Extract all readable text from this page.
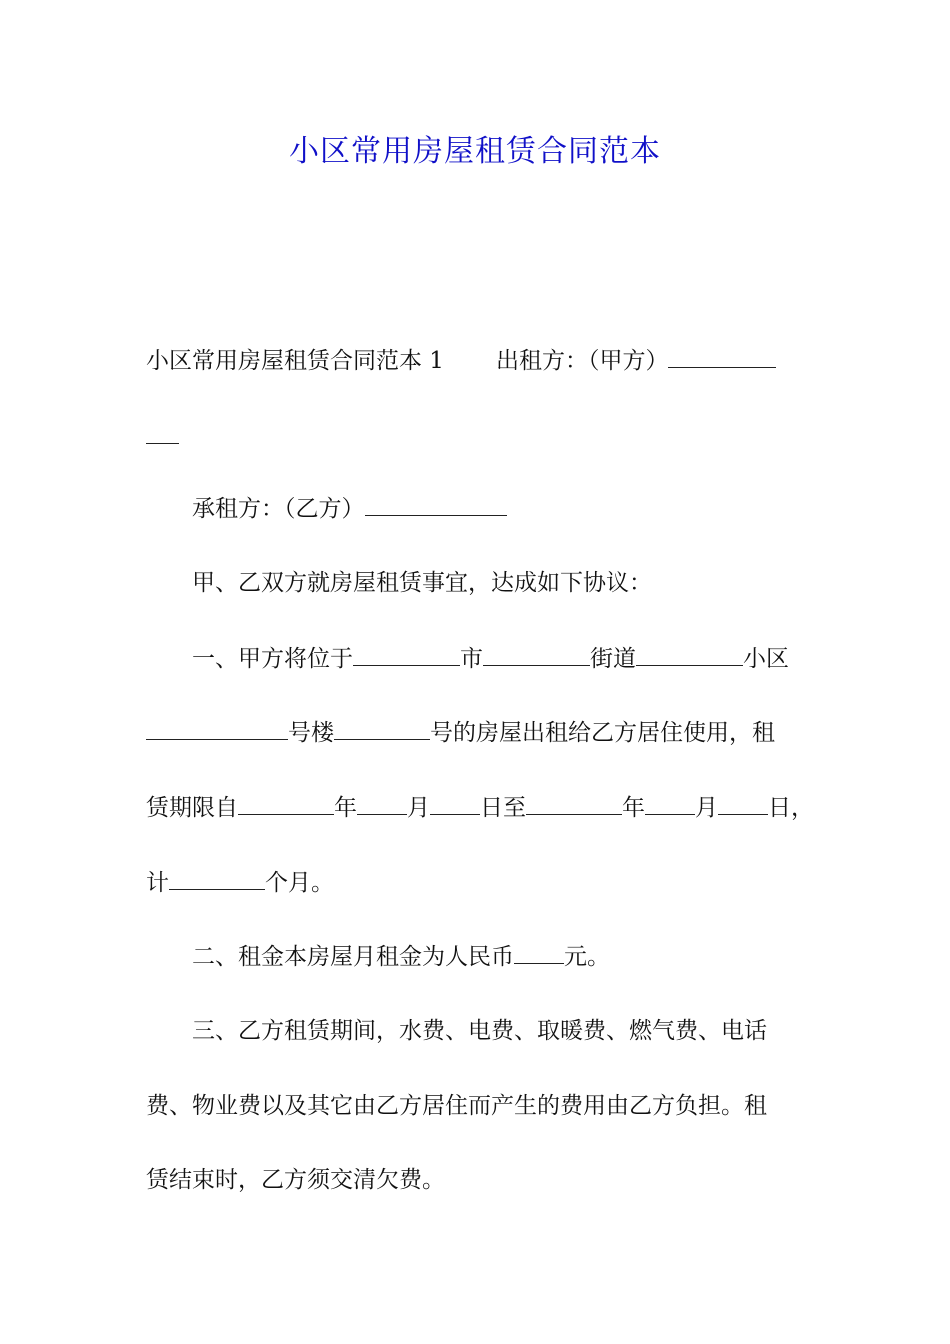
小区常用房屋租赁合同范本
小区常用房屋租赁合同范本 1 出租方：（甲方）
承租方：（乙方）
甲、乙双方就房屋租赁事宜，达成如下协议：
一、甲方将位于	市	街道	小区
号楼	号的房屋出租给乙方居住使用，租
赁期限自	年 月 日至	年 月 日，
计	个月。
二、租金本房屋月租金为人民币 元。
三、乙方租赁期间，水费、电费、取暖费、燃气费、电话
费、物业费以及其它由乙方居住而产生的费用由乙方负担。租
赁结束时，乙方须交清欠费。
